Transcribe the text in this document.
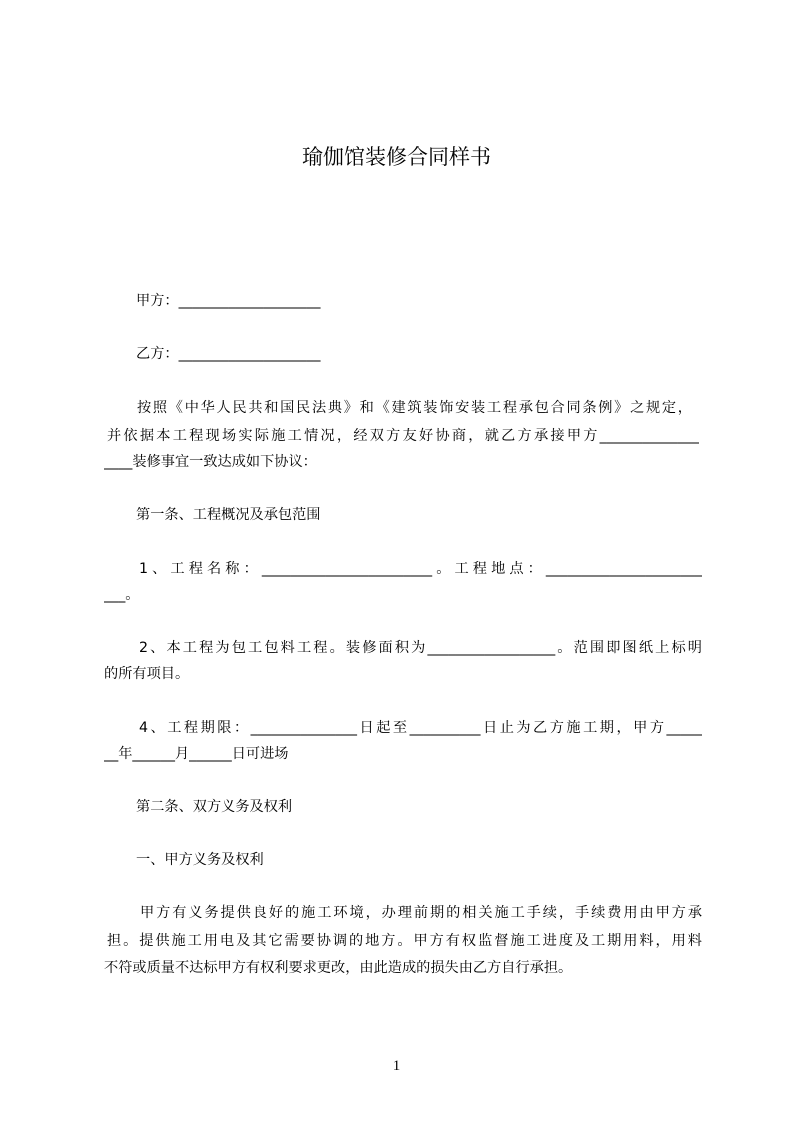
瑜伽馆装修合同样书
甲方：____________________
乙方：____________________
按照《中华人民共和国民法典》和《建筑装饰安装工程承包合同条例》之规定，
并依据本工程现场实际施工情况，经双方友好协商，就乙方承接甲方______________
____装修事宜一致达成如下协议：
第一条、工程概况及承包范围
1、工程名称：________________________。工程地点：______________________
___。
2、本工程为包工包料工程。装修面积为__________________。范围即图纸上标明
的所有项目。
4、工程期限：_______________日起至__________日止为乙方施工期，甲方_____
__年______月______日可进场
第二条、双方义务及权利
一、甲方义务及权利
甲方有义务提供良好的施工环境，办理前期的相关施工手续，手续费用由甲方承
担。提供施工用电及其它需要协调的地方。甲方有权监督施工进度及工期用料，用料
不符或质量不达标甲方有权利要求更改，由此造成的损失由乙方自行承担。
1
